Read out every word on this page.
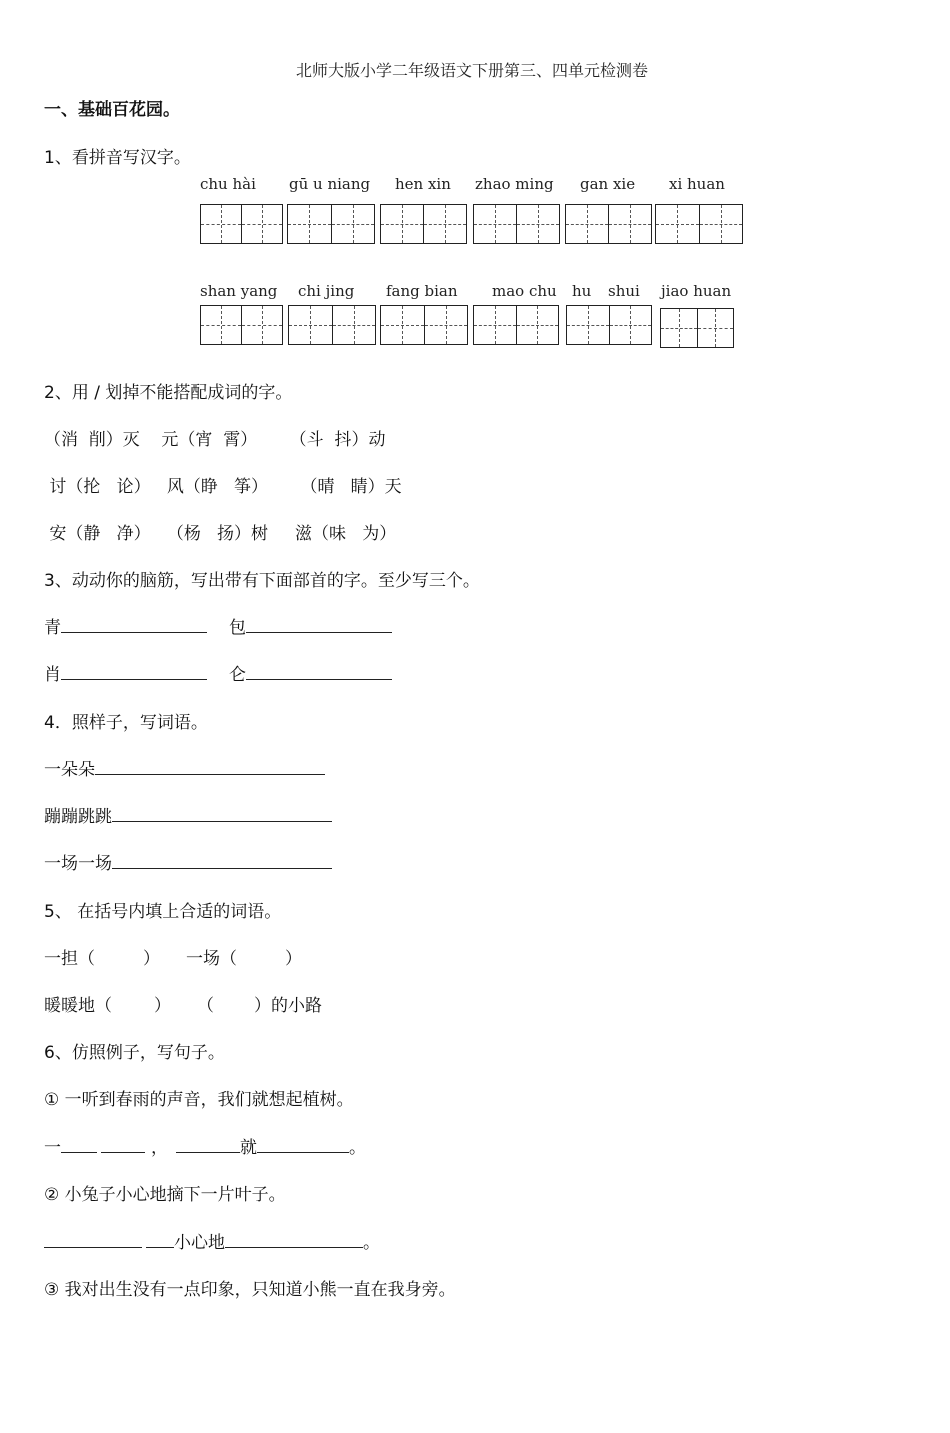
北师大版小学二年级语文下册第三、四单元检测卷
一、基础百花园。
1、看拼音写汉字。
chu hài gū u niang hen xin zhao ming gan xie xi huan
shan yang chi jing fang bian mao chu hu shui jiao huan
2、用 / 划掉不能搭配成词的字。
（消  削）灭    元（宵  霄）      （斗  抖）动
讨（抡   论）   风（睁   筝）      （晴   睛）天
安（静   净）   （杨   扬）树     滋（味   为）
3、动动你的脑筋，写出带有下面部首的字。至少写三个。
青	包
肖	仑
4．照样子，写词语。
一朵朵
蹦蹦跳跳
一场一场
5、 在括号内填上合适的词语。
一担（	） 一场（	）
暖暖地（ ） （ ）的小路
6、仿照例子，写句子。
① 一听到春雨的声音，我们就想起植树。
一	，	就	。
② 小兔子小心地摘下一片叶子。
小心地	。
③ 我对出生没有一点印象，只知道小熊一直在我身旁。
